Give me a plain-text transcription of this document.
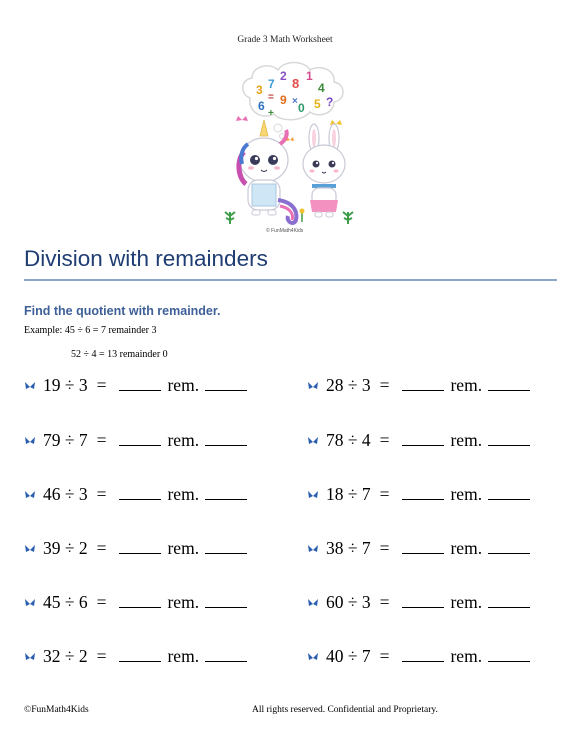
Grade 3 Math Worksheet
3 7
2 8 1
4
6 9
0 5 ?
= ×
+
© FunMath4Kids
Division with remainders
Find the quotient with remainder.
Example: 45 ÷ 6 = 7 remainder 3
52 ÷ 4 = 13 remainder 0
19 ÷ 3 =	rem.
79 ÷ 7 =	rem.
46 ÷ 3 =	rem.
39 ÷ 2 =	rem.
45 ÷ 6 =	rem.
32 ÷ 2 =	rem.
28 ÷ 3 =	rem.
78 ÷ 4 =	rem.
18 ÷ 7 =	rem.
38 ÷ 7 =	rem.
60 ÷ 3 =	rem.
40 ÷ 7 =	rem.
©FunMath4Kids	All rights reserved. Confidential and Proprietary.
